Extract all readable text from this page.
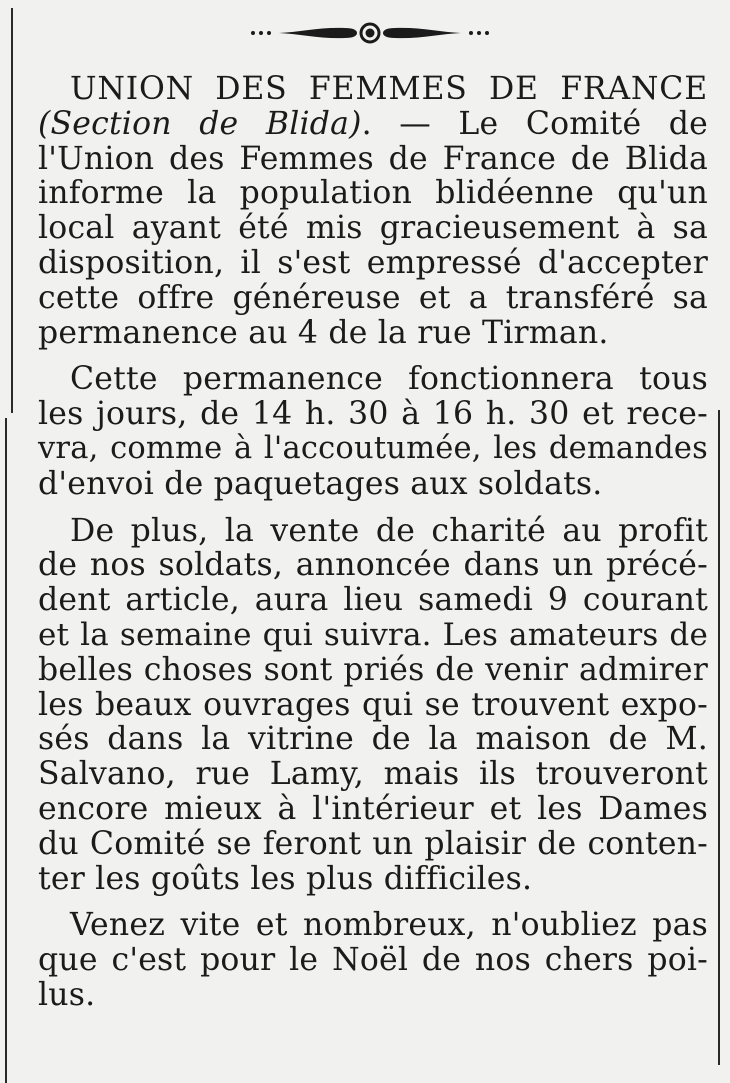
UNION DES FEMMES DE FRANCE
(Section de Blida). — Le Comité de
l'Union des Femmes de France de Blida
informe la population blidéenne qu'un
local ayant été mis gracieusement à sa
disposition, il s'est empressé d'accepter
cette offre généreuse et a transféré sa
permanence au 4 de la rue Tirman.
Cette permanence fonctionnera tous
les jours, de 14 h. 30 à 16 h. 30 et rece-
vra, comme à l'accoutumée, les demandes
d'envoi de paquetages aux soldats.
De plus, la vente de charité au profit
de nos soldats, annoncée dans un précé-
dent article, aura lieu samedi 9 courant
et la semaine qui suivra. Les amateurs de
belles choses sont priés de venir admirer
les beaux ouvrages qui se trouvent expo-
sés dans la vitrine de la maison de M.
Salvano, rue Lamy, mais ils trouveront
encore mieux à l'intérieur et les Dames
du Comité se feront un plaisir de conten-
ter les goûts les plus difficiles.
Venez vite et nombreux, n'oubliez pas
que c'est pour le Noël de nos chers poi-
lus.
